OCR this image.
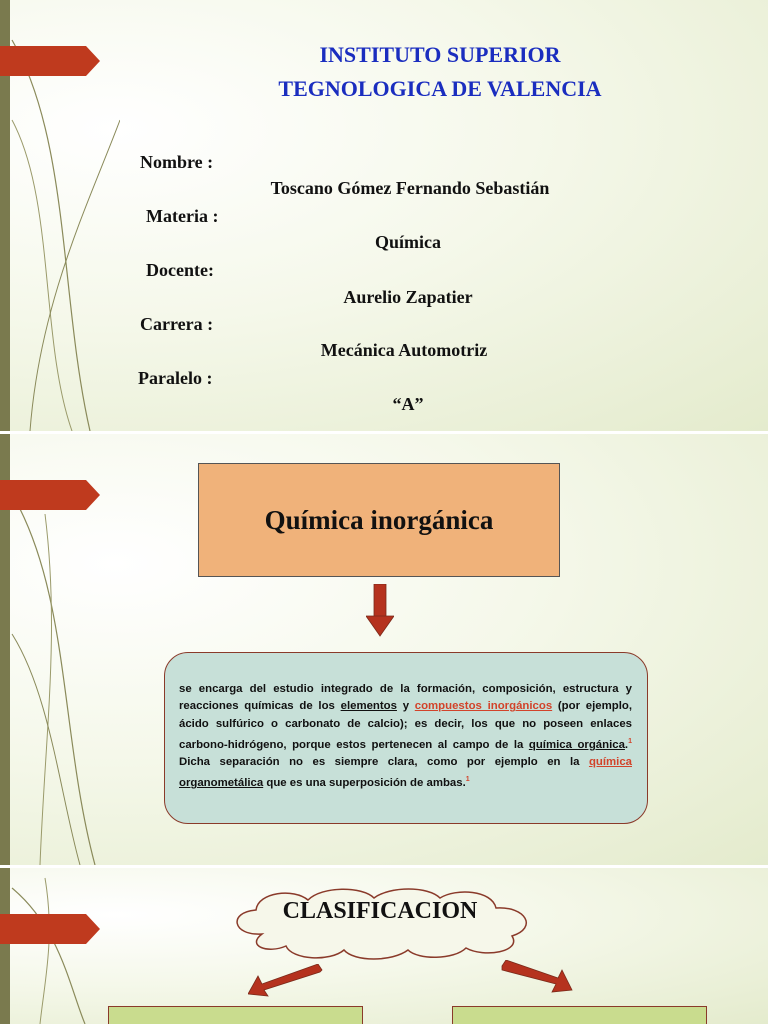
INSTITUTO SUPERIOR
TEGNOLOGICA DE VALENCIA
Nombre :
Toscano Gómez Fernando Sebastián
Materia :
Química
Docente:
Aurelio Zapatier
Carrera :
Mecánica Automotriz
Paralelo :
“A”
Química inorgánica
se encarga del estudio integrado de la formación, composición, estructura y reacciones químicas de los elementos y compuestos inorgánicos (por ejemplo, ácido sulfúrico o carbonato de calcio); es decir, los que no poseen enlaces carbono-hidrógeno, porque estos pertenecen al campo de la química orgánica.$^1$ Dicha separación no es siempre clara, como por ejemplo en la química organometálica que es una superposición de ambas.$^1$
CLASIFICACION
